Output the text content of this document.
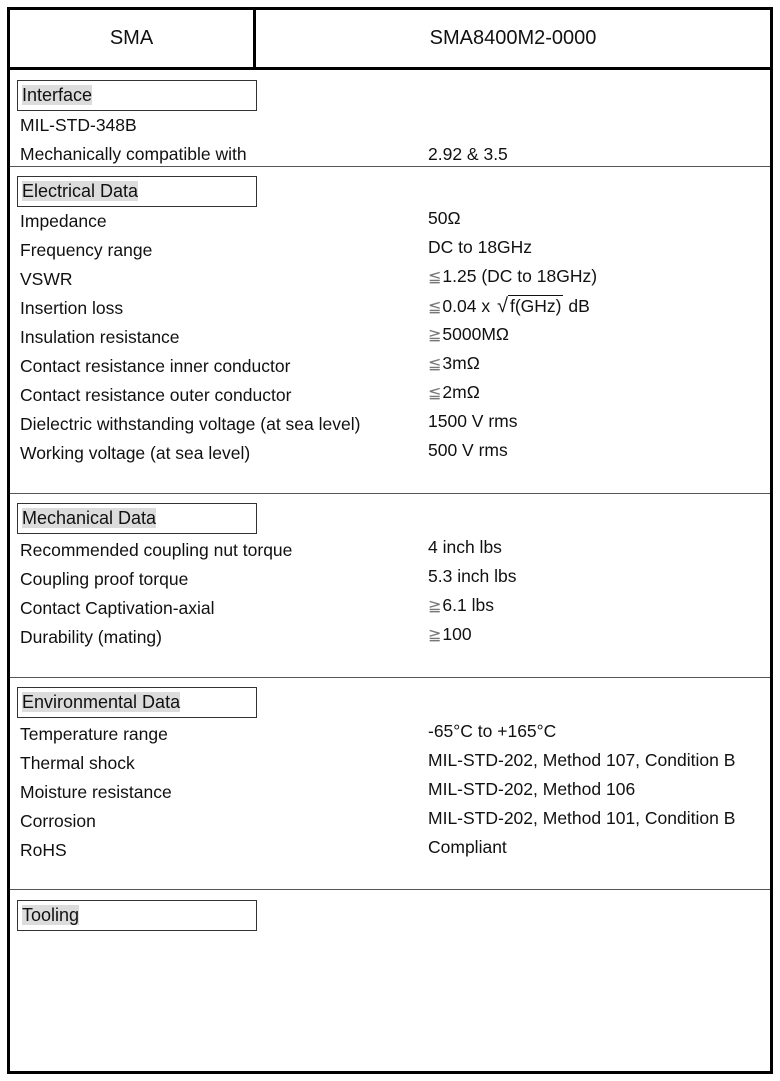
SMA	SMA8400M2-0000
Interface
MIL-STD-348B
Mechanically compatible with	2.92 & 3.5
Electrical Data
Impedance	50Ω
Frequency range	DC to 18GHz
VSWR	≦1.25 (DC to 18GHz)
Insertion loss	≦0.04 x √ f(GHz) dB
Insulation resistance	≧5000MΩ
Contact resistance inner conductor	≦3mΩ
Contact resistance outer conductor	≦2mΩ
Dielectric withstanding voltage (at sea level)	1500 V rms
Working voltage (at sea level)	500 V rms
Mechanical Data
Recommended coupling nut torque	4 inch lbs
Coupling proof torque	5.3 inch lbs
Contact Captivation-axial	≧6.1 lbs
Durability (mating)	≧100
Environmental Data
Temperature range	-65°C to +165°C
Thermal shock	MIL-STD-202, Method 107, Condition B
Moisture resistance	MIL-STD-202, Method 106
Corrosion	MIL-STD-202, Method 101, Condition B
RoHS	Compliant
Tooling
